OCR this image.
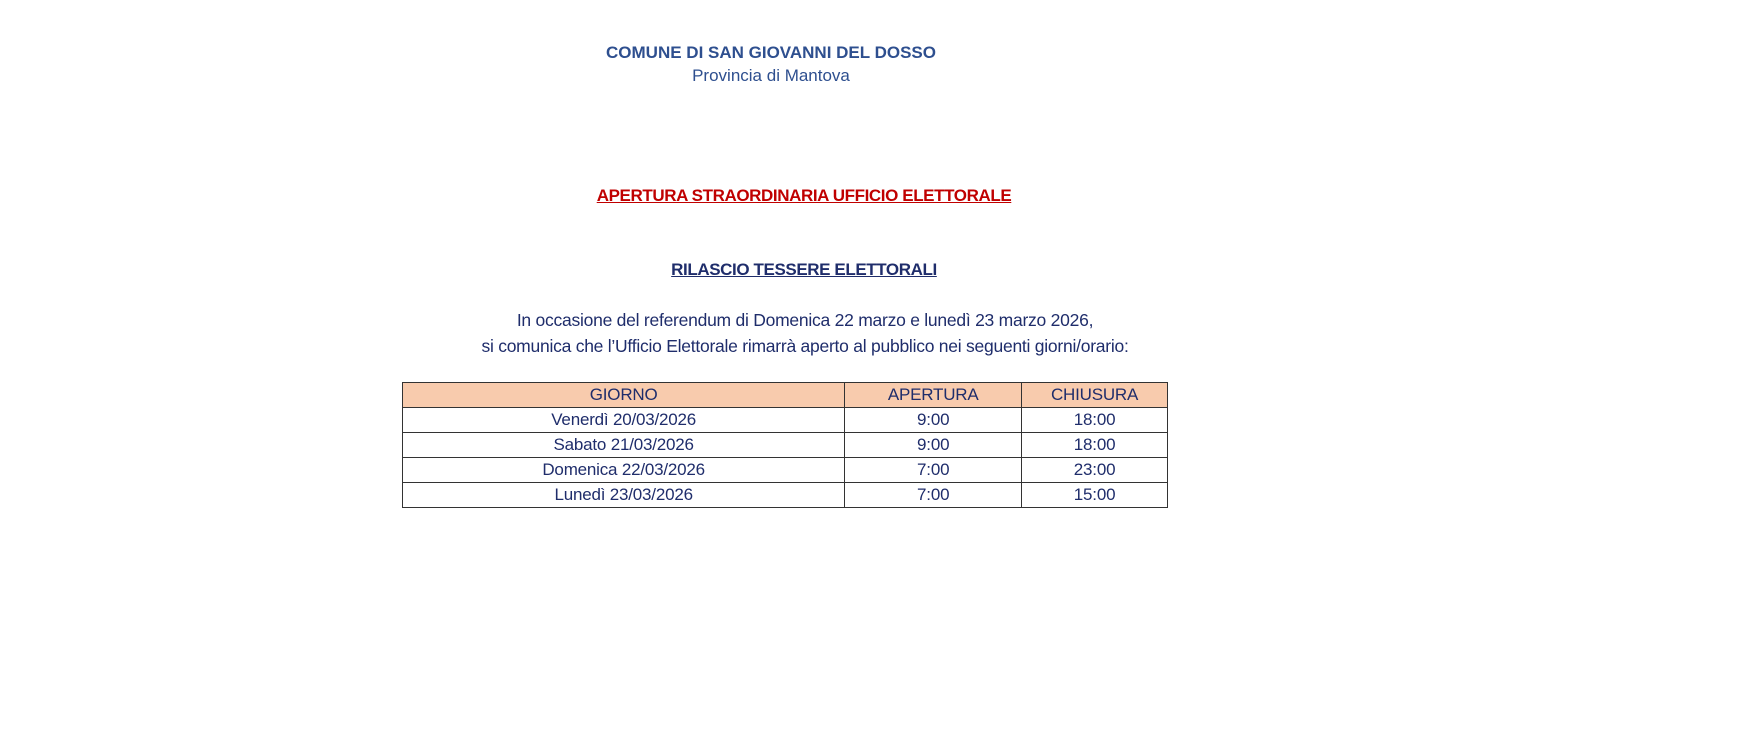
COMUNE DI SAN GIOVANNI DEL DOSSO
Provincia di Mantova
APERTURA STRAORDINARIA UFFICIO ELETTORALE
RILASCIO TESSERE ELETTORALI
In occasione del referendum di Domenica 22 marzo e lunedì 23 marzo 2026,
si comunica che l’Ufficio Elettorale rimarrà aperto al pubblico nei seguenti giorni/orario:
GIORNO	APERTURA	CHIUSURA
Venerdì 20/03/2026	9:00	18:00
Sabato 21/03/2026	9:00	18:00
Domenica 22/03/2026	7:00	23:00
Lunedì 23/03/2026	7:00	15:00
